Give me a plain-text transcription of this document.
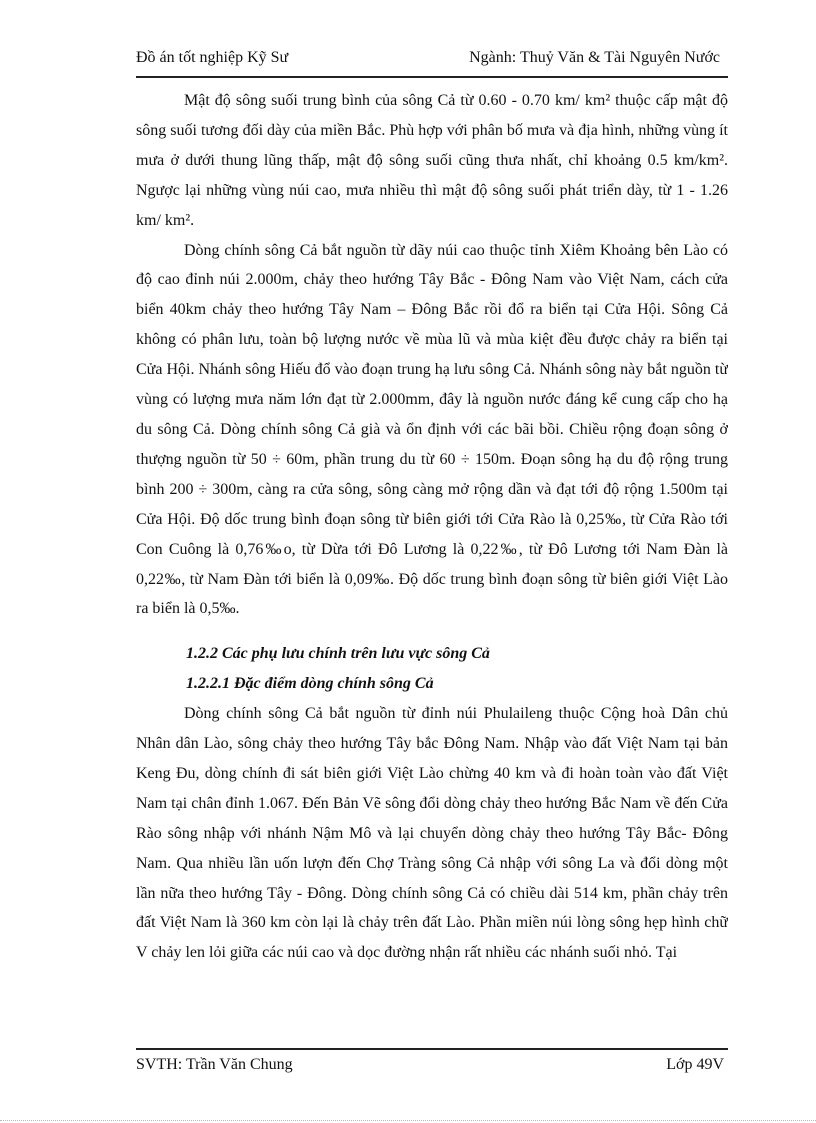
Đồ án tốt nghiệp Kỹ Sư	Ngành: Thuỷ Văn & Tài Nguyên Nước

Mật độ sông suối trung bình của sông Cả từ 0.60 - 0.70 km/ km² thuộc cấp mật độ sông suối tương đối dày của miền Bắc. Phù hợp với phân bố mưa và địa hình, những vùng ít mưa ở dưới thung lũng thấp, mật độ sông suối cũng thưa nhất, chỉ khoảng 0.5 km/km². Ngược lại những vùng núi cao, mưa nhiều thì mật độ sông suối phát triển dày, từ 1 - 1.26 km/ km².

Dòng chính sông Cả bắt nguồn từ dãy núi cao thuộc tỉnh Xiêm Khoảng bên Lào có độ cao đỉnh núi 2.000m, chảy theo hướng Tây Bắc - Đông Nam vào Việt Nam, cách cửa biển 40km chảy theo hướng Tây Nam – Đông Bắc rồi đổ ra biển tại Cửa Hội. Sông Cả không có phân lưu, toàn bộ lượng nước về mùa lũ và mùa kiệt đều được chảy ra biển tại Cửa Hội. Nhánh sông Hiếu đổ vào đoạn trung hạ lưu sông Cả. Nhánh sông này bắt nguồn từ vùng có lượng mưa năm lớn đạt từ 2.000mm, đây là nguồn nước đáng kể cung cấp cho hạ du sông Cả. Dòng chính sông Cả già và ổn định với các bãi bồi. Chiều rộng đoạn sông ở thượng nguồn từ 50 ÷ 60m, phần trung du từ 60 ÷ 150m. Đoạn sông hạ du độ rộng trung bình 200 ÷ 300m, càng ra cửa sông, sông càng mở rộng dần và đạt tới độ rộng 1.500m tại Cửa Hội. Độ dốc trung bình đoạn sông từ biên giới tới Cửa Rào là 0,25‰, từ Cửa Rào tới Con Cuông là 0,76‰o, từ Dừa tới Đô Lương là 0,22‰, từ Đô Lương tới Nam Đàn là 0,22‰, từ Nam Đàn tới biển là 0,09‰. Độ dốc trung bình đoạn sông từ biên giới Việt Lào ra biển là 0,5‰.

1.2.2 Các phụ lưu chính trên lưu vực sông Cả
1.2.2.1 Đặc điểm dòng chính sông Cả

Dòng chính sông Cả bắt nguồn từ đỉnh núi Phulaileng thuộc Cộng hoà Dân chủ Nhân dân Lào, sông chảy theo hướng Tây bắc Đông Nam. Nhập vào đất Việt Nam tại bản Keng Đu, dòng chính đi sát biên giới Việt Lào chừng 40 km và đi hoàn toàn vào đất Việt Nam tại chân đỉnh 1.067. Đến Bản Vẽ sông đổi dòng chảy theo hướng Bắc Nam về đến Cửa Rào sông nhập với nhánh Nậm Mô và lại chuyển dòng chảy theo hướng Tây Bắc- Đông Nam. Qua nhiều lần uốn lượn đến Chợ Tràng sông Cả nhập với sông La và đổi dòng một lần nữa theo hướng Tây - Đông. Dòng chính sông Cả có chiều dài 514 km, phần chảy trên đất Việt Nam là 360 km còn lại là chảy trên đất Lào. Phần miền núi lòng sông hẹp hình chữ V chảy len lỏi giữa các núi cao và dọc đường nhận rất nhiều các nhánh suối nhỏ. Tại

SVTH: Trần Văn Chung	Lớp 49V
